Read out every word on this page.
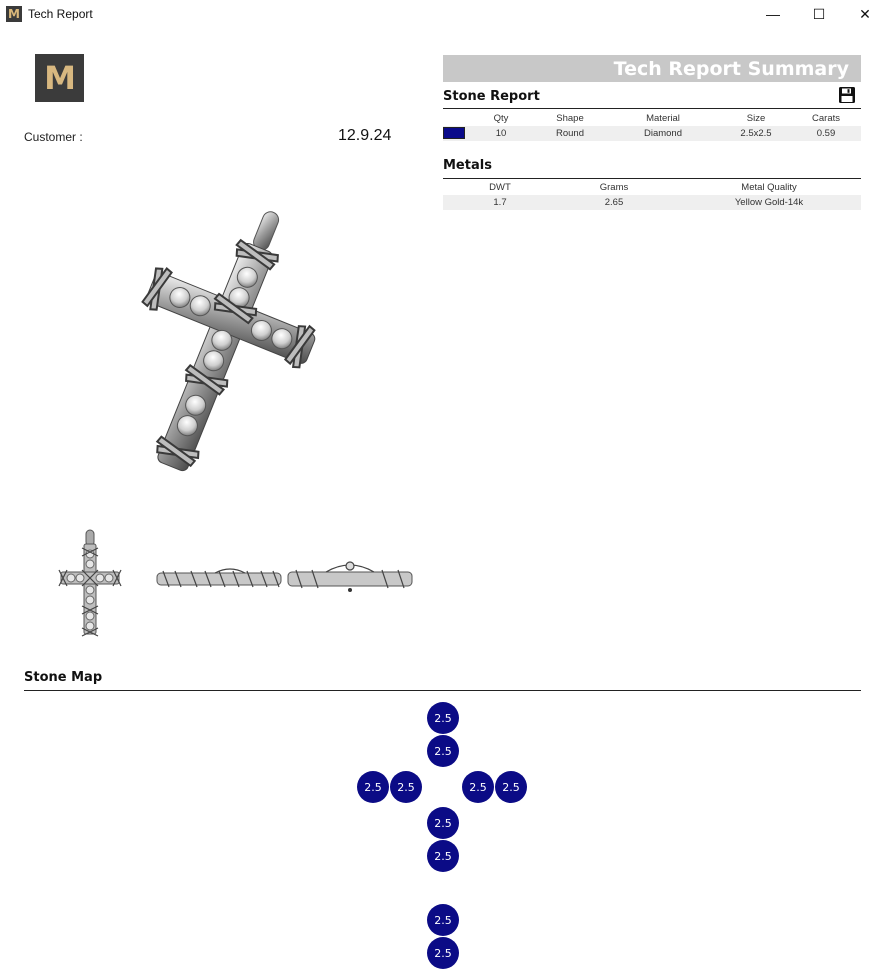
M Tech Report	—	☐	✕
M
Customer :	12.9.24
Tech Report Summary
Stone Report
Qty	Shape	Material	Size	Carats
10	Round	Diamond	2.5x2.5	0.59
Metals
DWT	Grams	Metal Quality
1.7	2.65	Yellow Gold-14k
Stone Map
2.5
2.5
2.5	2.5	2.5	2.5
2.5
2.5
2.5
2.5
